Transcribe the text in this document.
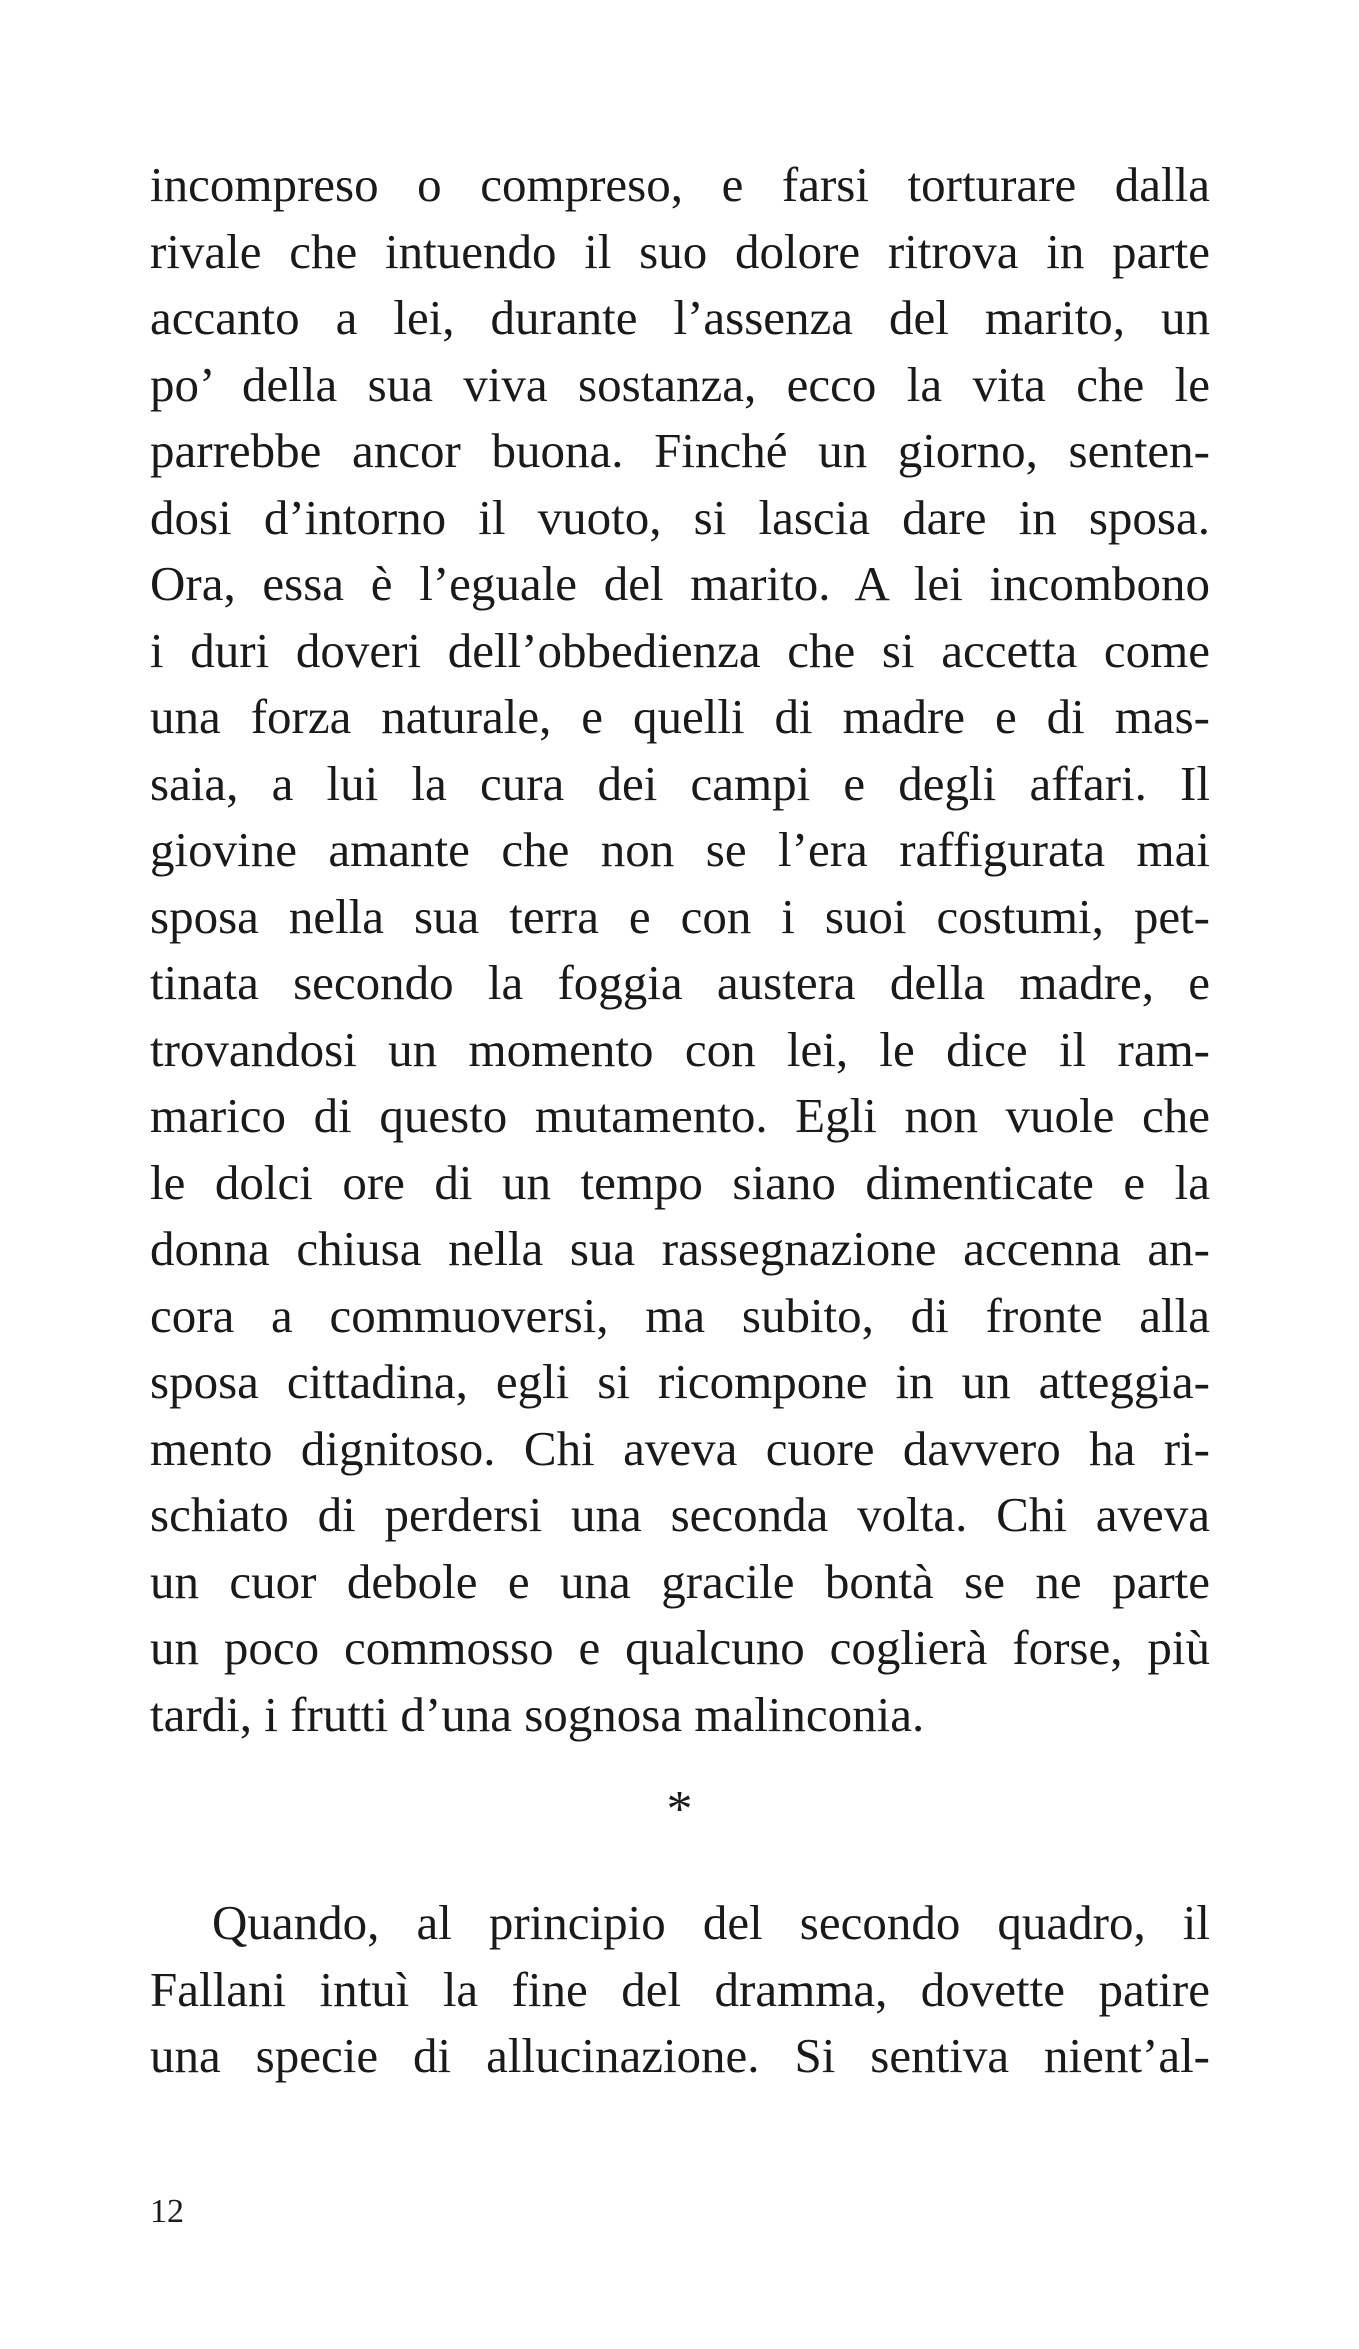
incompreso o compreso, e farsi torturare dalla
rivale che intuendo il suo dolore ritrova in parte
accanto a lei, durante l’assenza del marito, un
po’ della sua viva sostanza, ecco la vita che le
parrebbe ancor buona. Finché un giorno, senten-
dosi d’intorno il vuoto, si lascia dare in sposa.
Ora, essa è l’eguale del marito. A lei incombono
i duri doveri dell’obbedienza che si accetta come
una forza naturale, e quelli di madre e di mas-
saia, a lui la cura dei campi e degli affari. Il
giovine amante che non se l’era raffigurata mai
sposa nella sua terra e con i suoi costumi, pet-
tinata secondo la foggia austera della madre, e
trovandosi un momento con lei, le dice il ram-
marico di questo mutamento. Egli non vuole che
le dolci ore di un tempo siano dimenticate e la
donna chiusa nella sua rassegnazione accenna an-
cora a commuoversi, ma subito, di fronte alla
sposa cittadina, egli si ricompone in un atteggia-
mento dignitoso. Chi aveva cuore davvero ha ri-
schiato di perdersi una seconda volta. Chi aveva
un cuor debole e una gracile bontà se ne parte
un poco commosso e qualcuno coglierà forse, più
tardi, i frutti d’una sognosa malinconia.
*
Quando, al principio del secondo quadro, il
Fallani intuì la fine del dramma, dovette patire
una specie di allucinazione. Si sentiva nient’al-
12
